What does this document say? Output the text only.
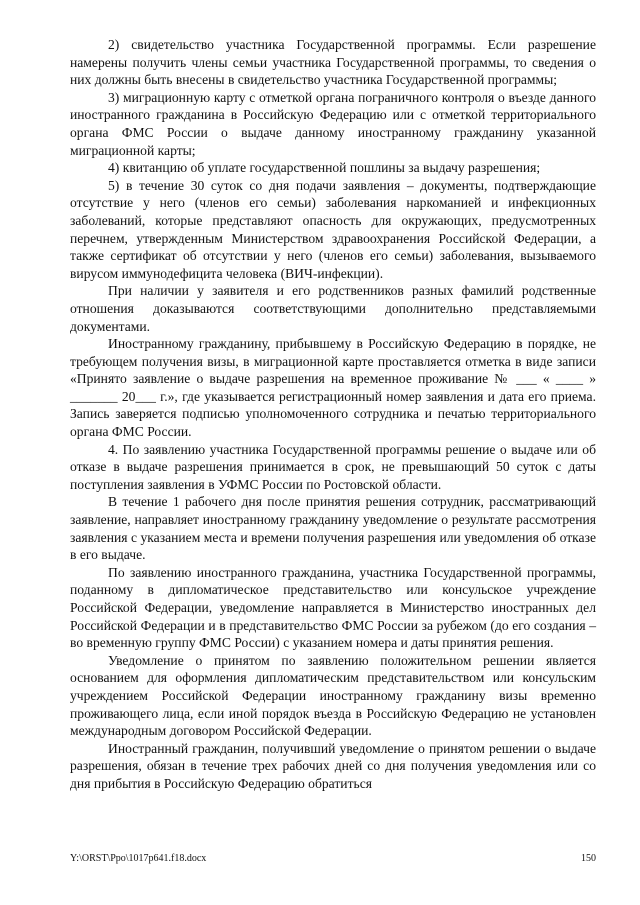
2) свидетельство участника Государственной программы. Если разрешение намерены получить члены семьи участника Государственной программы, то сведения о них должны быть внесены в свидетельство участника Государственной программы;

3) миграционную карту с отметкой органа пограничного контроля о въезде данного иностранного гражданина в Российскую Федерацию или с отметкой территориального органа ФМС России о выдаче данному иностранному гражданину указанной миграционной карты;

4) квитанцию об уплате государственной пошлины за выдачу разрешения;

5) в течение 30 суток со дня подачи заявления – документы, подтверждающие отсутствие у него (членов его семьи) заболевания наркоманией и инфекционных заболеваний, которые представляют опасность для окружающих, предусмотренных перечнем, утвержденным Министерством здравоохранения Российской Федерации, а также сертификат об отсутствии у него (членов его семьи) заболевания, вызываемого вирусом иммунодефицита человека (ВИЧ-инфекции).

При наличии у заявителя и его родственников разных фамилий родственные отношения доказываются соответствующими дополнительно представляемыми документами.

Иностранному гражданину, прибывшему в Российскую Федерацию в порядке, не требующем получения визы, в миграционной карте проставляется отметка в виде записи «Принято заявление о выдаче разрешения на временное проживание № ___ « ____ » _______ 20___ г.», где указывается регистрационный номер заявления и дата его приема. Запись заверяется подписью уполномоченного сотрудника и печатью территориального органа ФМС России.

4. По заявлению участника Государственной программы решение о выдаче или об отказе в выдаче разрешения принимается в срок, не превышающий 50 суток с даты поступления заявления в УФМС России по Ростовской области.

В течение 1 рабочего дня после принятия решения сотрудник, рассматривающий заявление, направляет иностранному гражданину уведомление о результате рассмотрения заявления с указанием места и времени получения разрешения или уведомления об отказе в его выдаче.

По заявлению иностранного гражданина, участника Государственной программы, поданному в дипломатическое представительство или консульское учреждение Российской Федерации, уведомление направляется в Министерство иностранных дел Российской Федерации и в представительство ФМС России за рубежом (до его создания – во временную группу ФМС России) с указанием номера и даты принятия решения.

Уведомление о принятом по заявлению положительном решении является основанием для оформления дипломатическим представительством или консульским учреждением Российской Федерации иностранному гражданину визы временно проживающего лица, если иной порядок въезда в Российскую Федерацию не установлен международным договором Российской Федерации.

Иностранный гражданин, получивший уведомление о принятом решении о выдаче разрешения, обязан в течение трех рабочих дней со дня получения уведомления или со дня прибытия в Российскую Федерацию обратиться

Y:\ORST\Ppo\1017p641.f18.docx	150
